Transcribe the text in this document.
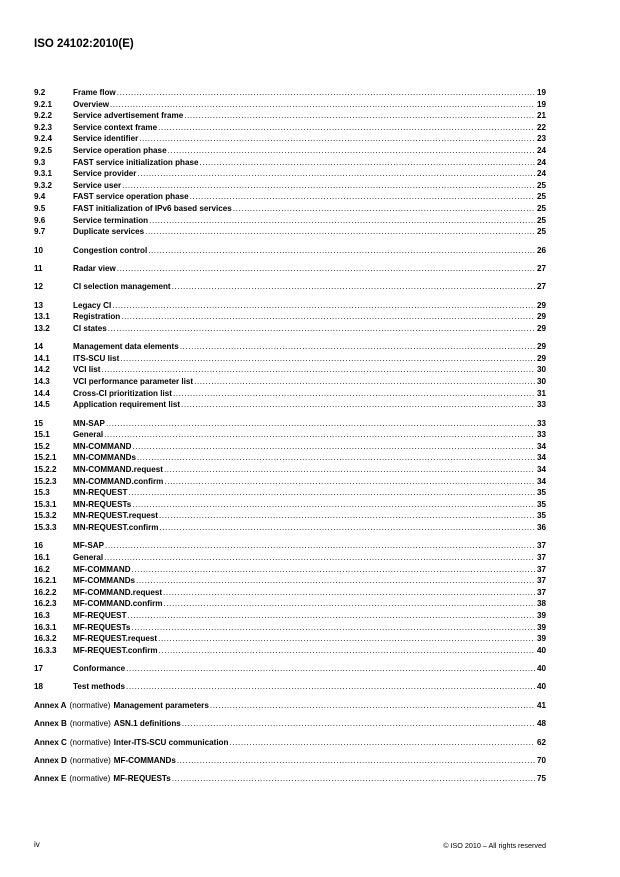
ISO 24102:2010(E)
9.2	Frame flow .....	19
9.2.1	Overview .....	19
9.2.2	Service advertisement frame .....	21
9.2.3	Service context frame .....	22
9.2.4	Service identifier .....	23
9.2.5	Service operation phase .....	24
9.3	FAST service initialization phase .....	24
9.3.1	Service provider .....	24
9.3.2	Service user .....	25
9.4	FAST service operation phase .....	25
9.5	FAST initialization of IPv6 based services .....	25
9.6	Service termination .....	25
9.7	Duplicate services .....	25
10	Congestion control .....	26
11	Radar view .....	27
12	CI selection management .....	27
13	Legacy CI .....	29
13.1	Registration .....	29
13.2	CI states .....	29
14	Management data elements .....	29
14.1	ITS-SCU list .....	29
14.2	VCI list .....	30
14.3	VCI performance parameter list .....	30
14.4	Cross-CI prioritization list .....	31
14.5	Application requirement list .....	33
15	MN-SAP .....	33
15.1	General .....	33
15.2	MN-COMMAND .....	34
15.2.1	MN-COMMANDs .....	34
15.2.2	MN-COMMAND.request .....	34
15.2.3	MN-COMMAND.confirm .....	34
15.3	MN-REQUEST .....	35
15.3.1	MN-REQUESTs .....	35
15.3.2	MN-REQUEST.request .....	35
15.3.3	MN-REQUEST.confirm .....	36
16	MF-SAP .....	37
16.1	General .....	37
16.2	MF-COMMAND .....	37
16.2.1	MF-COMMANDs .....	37
16.2.2	MF-COMMAND.request .....	37
16.2.3	MF-COMMAND.confirm .....	38
16.3	MF-REQUEST .....	39
16.3.1	MF-REQUESTs .....	39
16.3.2	MF-REQUEST.request .....	39
16.3.3	MF-REQUEST.confirm .....	40
17	Conformance .....	40
18	Test methods .....	40
Annex A (normative) Management parameters .....	41
Annex B (normative) ASN.1 definitions .....	48
Annex C (normative) Inter-ITS-SCU communication .....	62
Annex D (normative) MF-COMMANDs .....	70
Annex E (normative) MF-REQUESTs .....	75
iv	© ISO 2010 – All rights reserved
